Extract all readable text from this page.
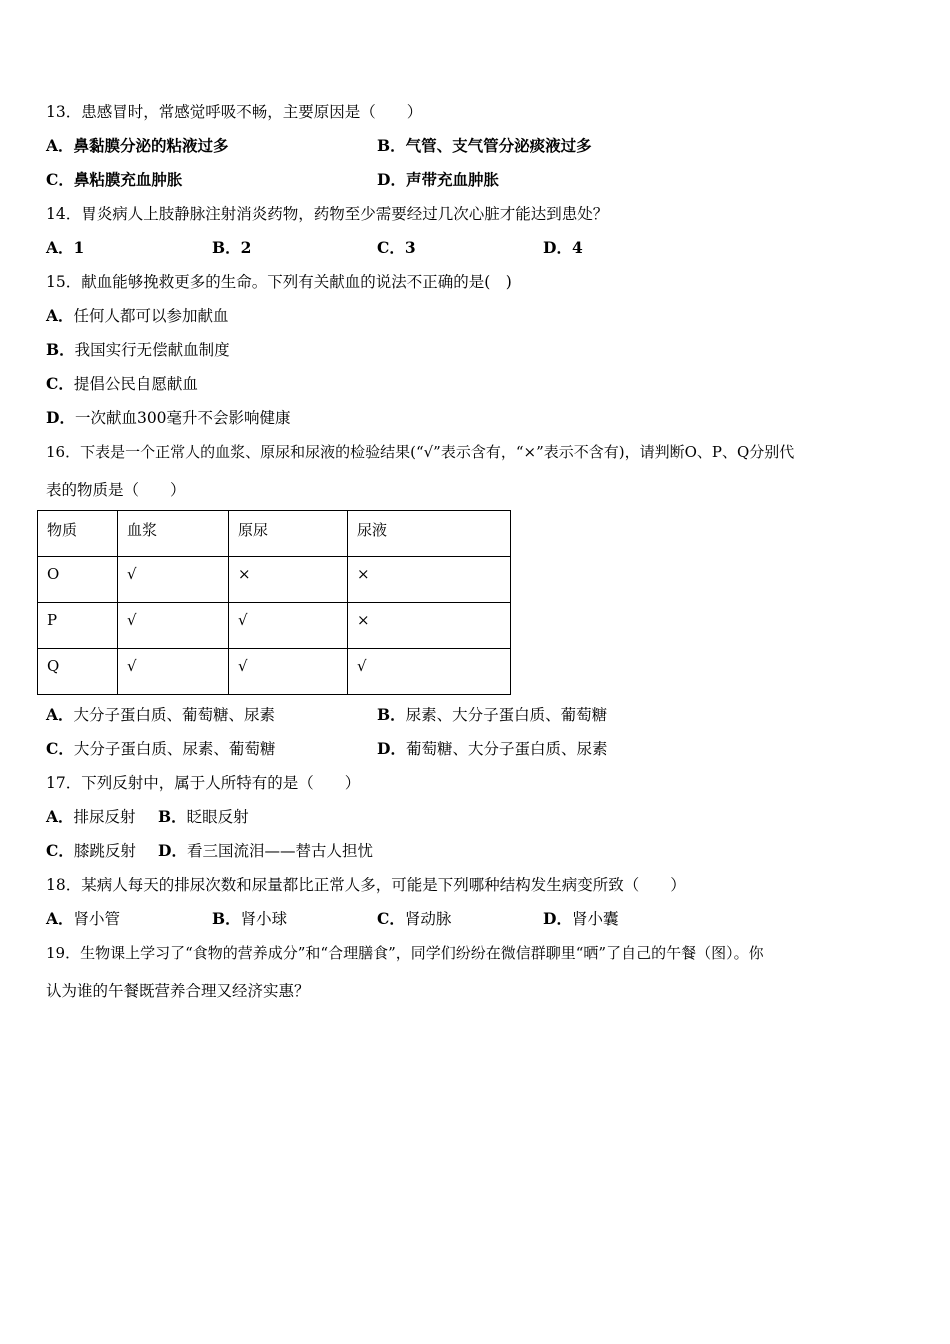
13．患感冒时，常感觉呼吸不畅，主要原因是（　　）
A．鼻黏膜分泌的粘液过多	B．气管、支气管分泌痰液过多
C．鼻粘膜充血肿胀	D．声带充血肿胀
14．胃炎病人上肢静脉注射消炎药物，药物至少需要经过几次心脏才能达到患处？
A．1	B．2	C．3	D．4
15．献血能够挽救更多的生命。下列有关献血的说法不正确的是(　)
A．任何人都可以参加献血
B．我国实行无偿献血制度
C．提倡公民自愿献血
D．一次献血300毫升不会影响健康
16．下表是一个正常人的血浆、原尿和尿液的检验结果(“√”表示含有，“×”表示不含有)，请判断O、P、Q分别代
表的物质是（　　）
物质	血浆	原尿	尿液
O	√	×	×
P	√	√	×
Q	√	√	√
A．大分子蛋白质、葡萄糖、尿素	B．尿素、大分子蛋白质、葡萄糖
C．大分子蛋白质、尿素、葡萄糖	D．葡萄糖、大分子蛋白质、尿素
17．下列反射中，属于人所特有的是（　　）
A．排尿反射 B．眨眼反射
C．膝跳反射 D．看三国流泪——替古人担忧
18．某病人每天的排尿次数和尿量都比正常人多，可能是下列哪种结构发生病变所致（　　）
A．肾小管	B．肾小球	C．肾动脉	D．肾小囊
19．生物课上学习了“食物的营养成分”和“合理膳食”，同学们纷纷在微信群聊里“晒”了自己的午餐（图）。你
认为谁的午餐既营养合理又经济实惠？
